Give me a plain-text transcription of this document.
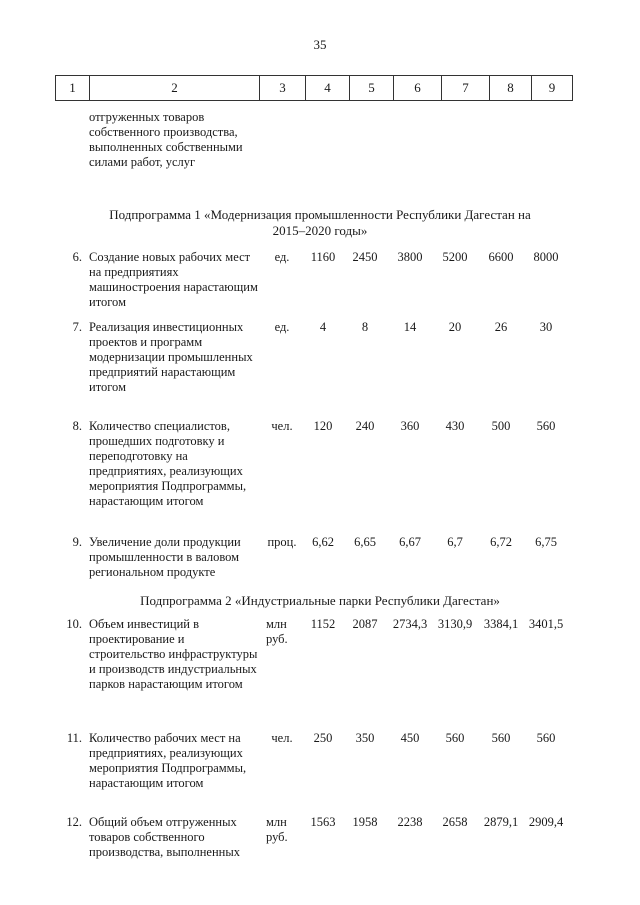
35
1	2	3	4	5	6	7	8	9
отгруженных товаров собственного производства, выполненных собственными силами работ, услуг
Подпрограмма 1 «Модернизация промышленности Республики Дагестан на 2015–2020 годы»
6. Создание новых рабочих мест на предприятиях машиностроения нарастающим итогом
ед.	1160	2450	3800	5200	6600	8000
7. Реализация инвестиционных проектов и программ модернизации промышленных предприятий нарастающим итогом
ед.	4	8	14	20	26	30
8. Количество специалистов, прошедших подготовку и переподготовку на предприятиях, реализующих мероприятия Подпрограммы, нарастающим итогом
чел.	120	240	360	430	500	560
9. Увеличение доли продукции промышленности в валовом региональном продукте
проц.	6,62	6,65	6,67	6,7	6,72	6,75
Подпрограмма 2 «Индустриальные парки Республики Дагестан»
10. Объем инвестиций в проектирование и строительство инфраструктуры и производств индустриальных парков нарастающим итогом
млн руб.
1152	2087	2734,3 3130,9 3384,1 3401,5
11. Количество рабочих мест на предприятиях, реализующих мероприятия Подпрограммы, нарастающим итогом
чел.	250	350	450	560	560	560
12. Общий объем отгруженных товаров собственного производства, выполненных
млн руб.
1563	1958	2238	2658	2879,1 2909,4
